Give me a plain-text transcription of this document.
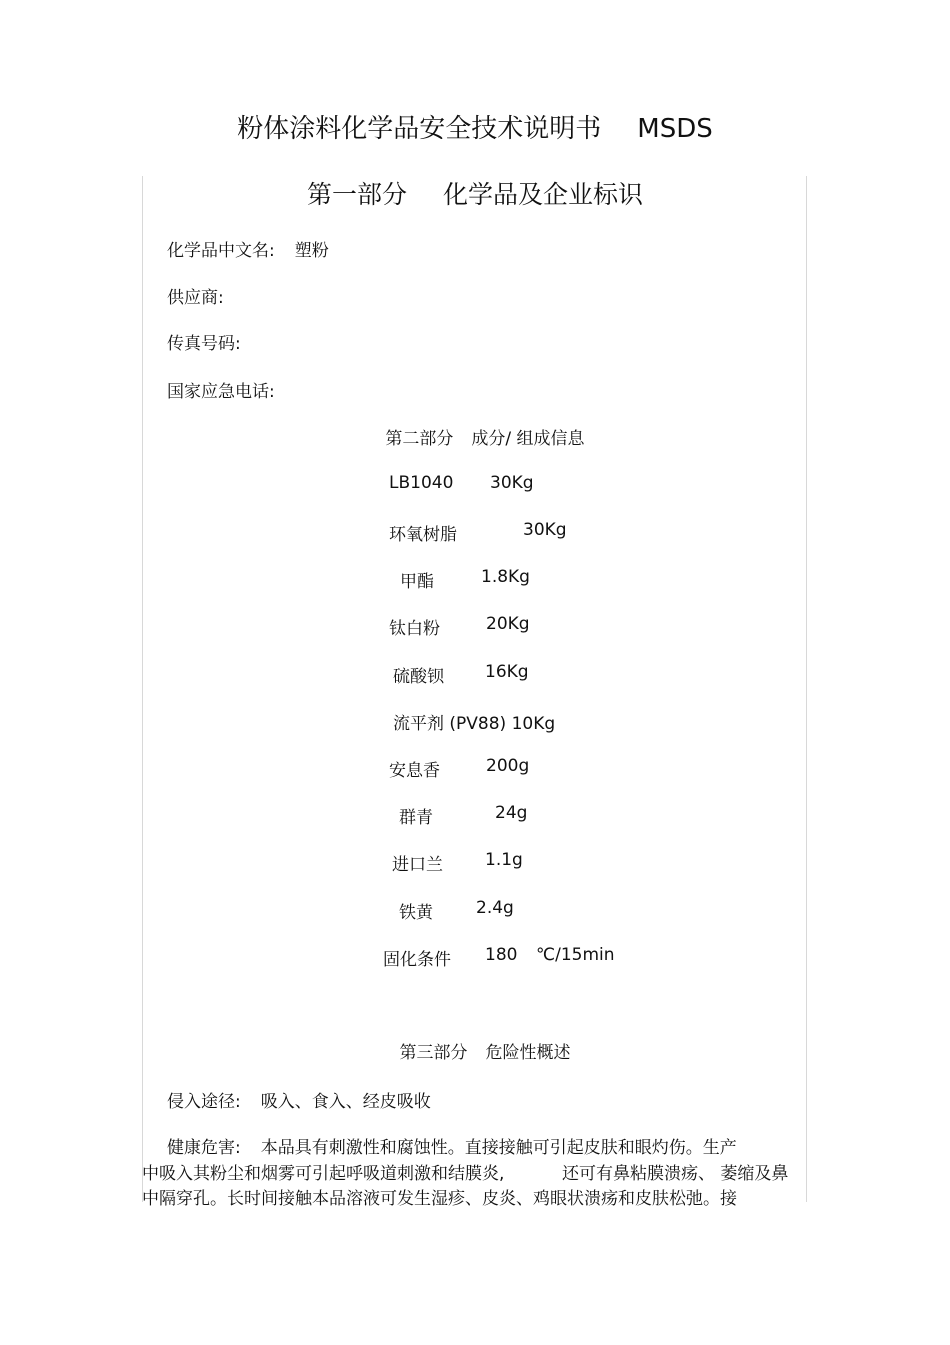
粉体涂料化学品安全技术说明书 MSDS
第一部分 化学品及企业标识
化学品中文名: 塑粉
供应商:
传真号码:
国家应急电话:
第二部分 成分/ 组成信息
LB1040 30Kg
环氧树脂	30Kg
甲酯	1.8Kg
钛白粉	20Kg
硫酸钡 16Kg
流平剂 (PV88) 10Kg
安息香	200g
群青	24g
进口兰 1.1g
铁黄	2.4g
固化条件 180 ℃/15min
第三部分 危险性概述
侵入途径: 吸入、食入、经皮吸收
健康危害: 本品具有刺激性和腐蚀性。直接接触可引起皮肤和眼灼伤。生产
中吸入其粉尘和烟雾可引起呼吸道刺激和结膜炎,	还可有鼻粘膜溃疡、 萎缩及鼻
中隔穿孔。长时间接触本品溶液可发生湿疹、皮炎、鸡眼状溃疡和皮肤松弛。接
